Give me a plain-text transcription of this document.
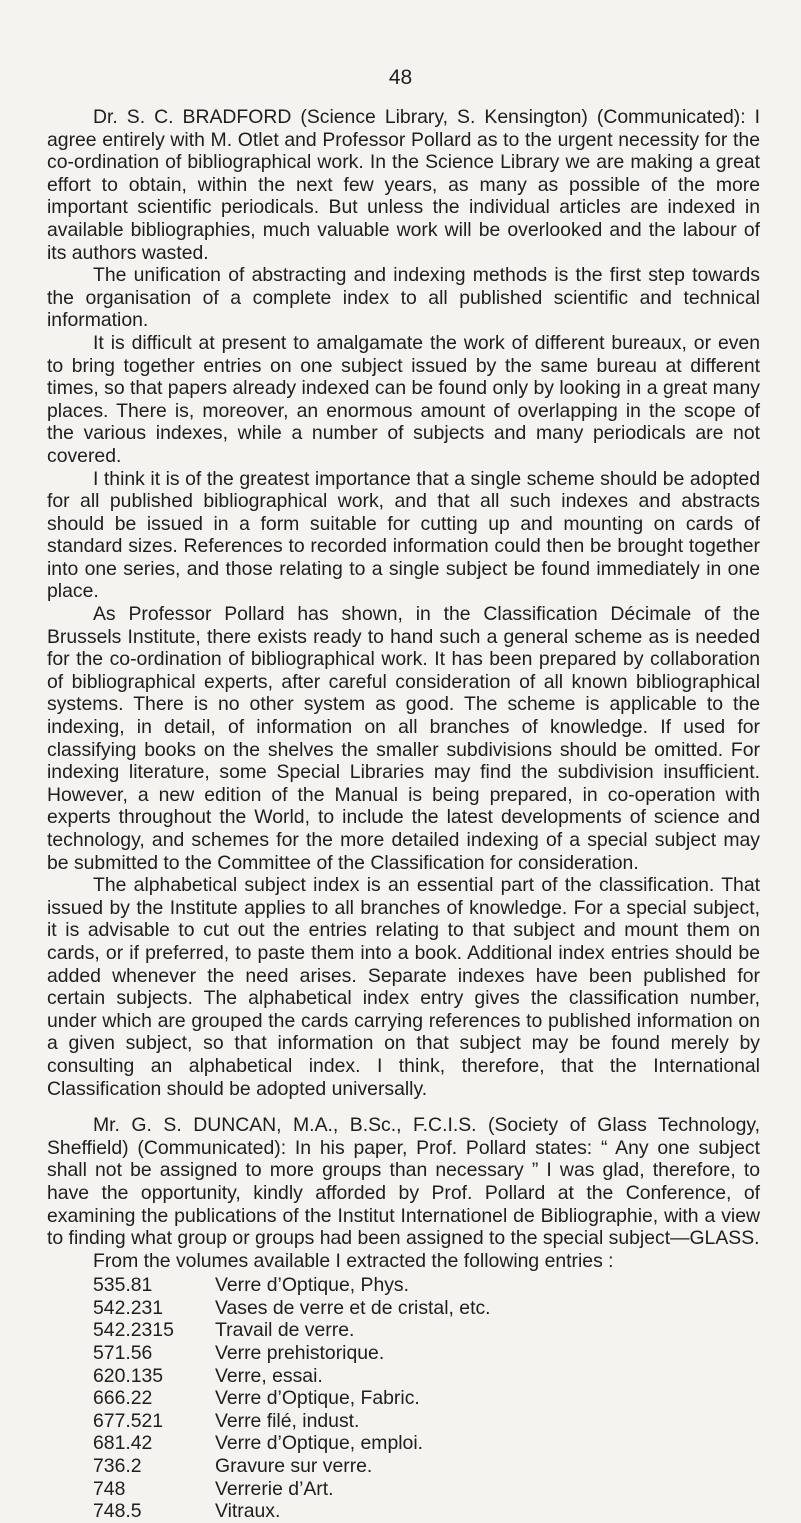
48

Dr. S. C. BRADFORD (Science Library, S. Kensington) (Communicated): I agree entirely with M. Otlet and Professor Pollard as to the urgent necessity for the co-ordination of bibliographical work. In the Science Library we are making a great effort to obtain, within the next few years, as many as possible of the more important scientific periodicals. But unless the individual articles are indexed in available bibliographies, much valuable work will be overlooked and the labour of its authors wasted.

The unification of abstracting and indexing methods is the first step towards the organisation of a complete index to all published scientific and technical information.

It is difficult at present to amalgamate the work of different bureaux, or even to bring together entries on one subject issued by the same bureau at different times, so that papers already indexed can be found only by looking in a great many places. There is, moreover, an enormous amount of overlapping in the scope of the various indexes, while a number of subjects and many periodicals are not covered.

I think it is of the greatest importance that a single scheme should be adopted for all published bibliographical work, and that all such indexes and abstracts should be issued in a form suitable for cutting up and mounting on cards of standard sizes. References to recorded information could then be brought together into one series, and those relating to a single subject be found immediately in one place.

As Professor Pollard has shown, in the Classification Décimale of the Brussels Institute, there exists ready to hand such a general scheme as is needed for the co-ordination of bibliographical work. It has been prepared by collaboration of bibliographical experts, after careful consideration of all known bibliographical systems. There is no other system as good. The scheme is applicable to the indexing, in detail, of information on all branches of knowledge. If used for classifying books on the shelves the smaller subdivisions should be omitted. For indexing literature, some Special Libraries may find the subdivision insufficient. However, a new edition of the Manual is being prepared, in co-operation with experts throughout the World, to include the latest developments of science and technology, and schemes for the more detailed indexing of a special subject may be submitted to the Committee of the Classification for consideration.

The alphabetical subject index is an essential part of the classification. That issued by the Institute applies to all branches of knowledge. For a special subject, it is advisable to cut out the entries relating to that subject and mount them on cards, or if preferred, to paste them into a book. Additional index entries should be added whenever the need arises. Separate indexes have been published for certain subjects. The alphabetical index entry gives the classification number, under which are grouped the cards carrying references to published information on a given subject, so that information on that subject may be found merely by consulting an alphabetical index. I think, therefore, that the International Classification should be adopted universally.

Mr. G. S. DUNCAN, M.A., B.Sc., F.C.I.S. (Society of Glass Technology, Sheffield) (Communicated): In his paper, Prof. Pollard states: “ Any one subject shall not be assigned to more groups than necessary ” I was glad, therefore, to have the opportunity, kindly afforded by Prof. Pollard at the Conference, of examining the publications of the Institut Internationel de Bibliographie, with a view to finding what group or groups had been assigned to the special subject—GLASS.

From the volumes available I extracted the following entries :

535.81	Verre d’Optique, Phys.
542.231	Vases de verre et de cristal, etc.
542.2315	Travail de verre.
571.56	Verre prehistorique.
620.135	Verre, essai.
666.22	Verre d’Optique, Fabric.
677.521	Verre filé, indust.
681.42	Verre d’Optique, emploi.
736.2	Gravure sur verre.
748	Verrerie d’Art.
748.5	Vitraux.
